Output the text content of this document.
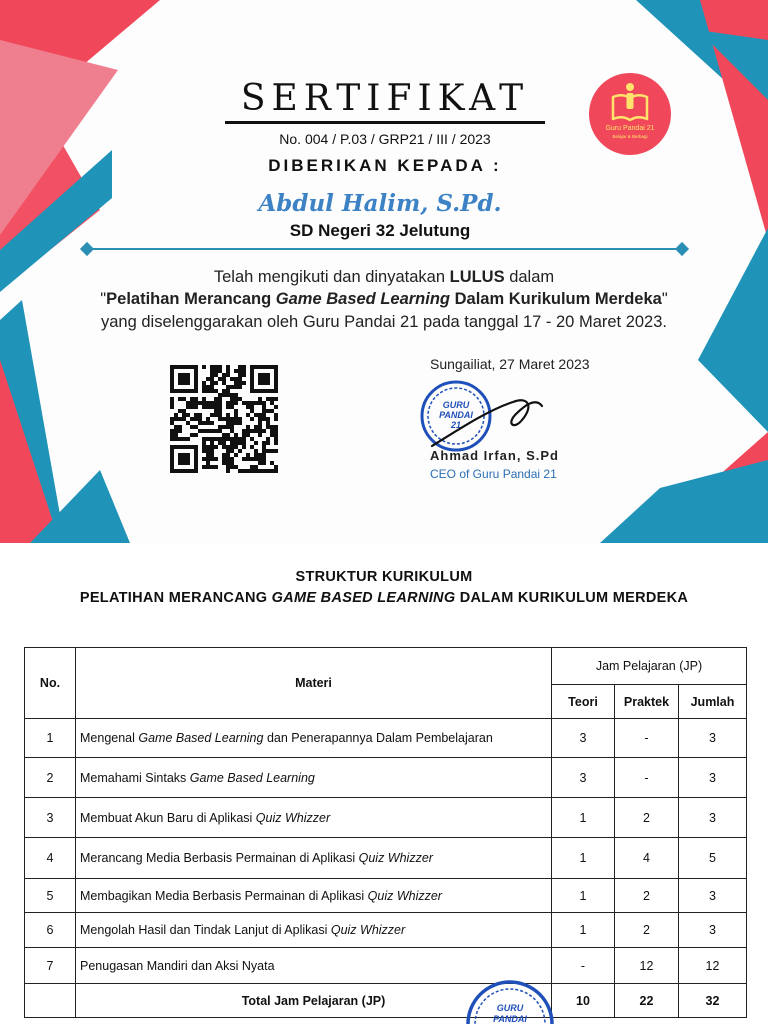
SERTIFIKAT
No. 004 / P.03 / GRP21 / III / 2023
DIBERIKAN KEPADA :
Abdul Halim, S.Pd.
SD Negeri 32 Jelutung
Telah mengikuti dan dinyatakan LULUS dalam
"Pelatihan Merancang Game Based Learning Dalam Kurikulum Merdeka"
yang diselenggarakan oleh Guru Pandai 21 pada tanggal 17 - 20 Maret 2023.
Sungailiat, 27 Maret 2023
GURU
PANDAI
21
Ahmad Irfan, S.Pd
CEO of Guru Pandai 21
Guru Pandai 21
Belajar & Berbagi
STRUKTUR KURIKULUM
PELATIHAN MERANCANG GAME BASED LEARNING DALAM KURIKULUM MERDEKA
No.	Materi	Jam Pelajaran (JP)		
		Teori	Praktek	Jumlah
1	Mengenal Game Based Learning dan Penerapannya Dalam Pembelajaran	3	-	3
2	Memahami Sintaks Game Based Learning	3	-	3
3	Membuat Akun Baru di Aplikasi Quiz Whizzer	1	2	3
4	Merancang Media Berbasis Permainan di Aplikasi Quiz Whizzer	1	4	5
5	Membagikan Media Berbasis Permainan di Aplikasi Quiz Whizzer	1	2	3
6	Mengolah Hasil dan Tindak Lanjut di Aplikasi Quiz Whizzer	1	2	3
7	Penugasan Mandiri dan Aksi Nyata	-	12	12
	Total Jam Pelajaran (JP)	10	22	32
GURU
PANDAI
